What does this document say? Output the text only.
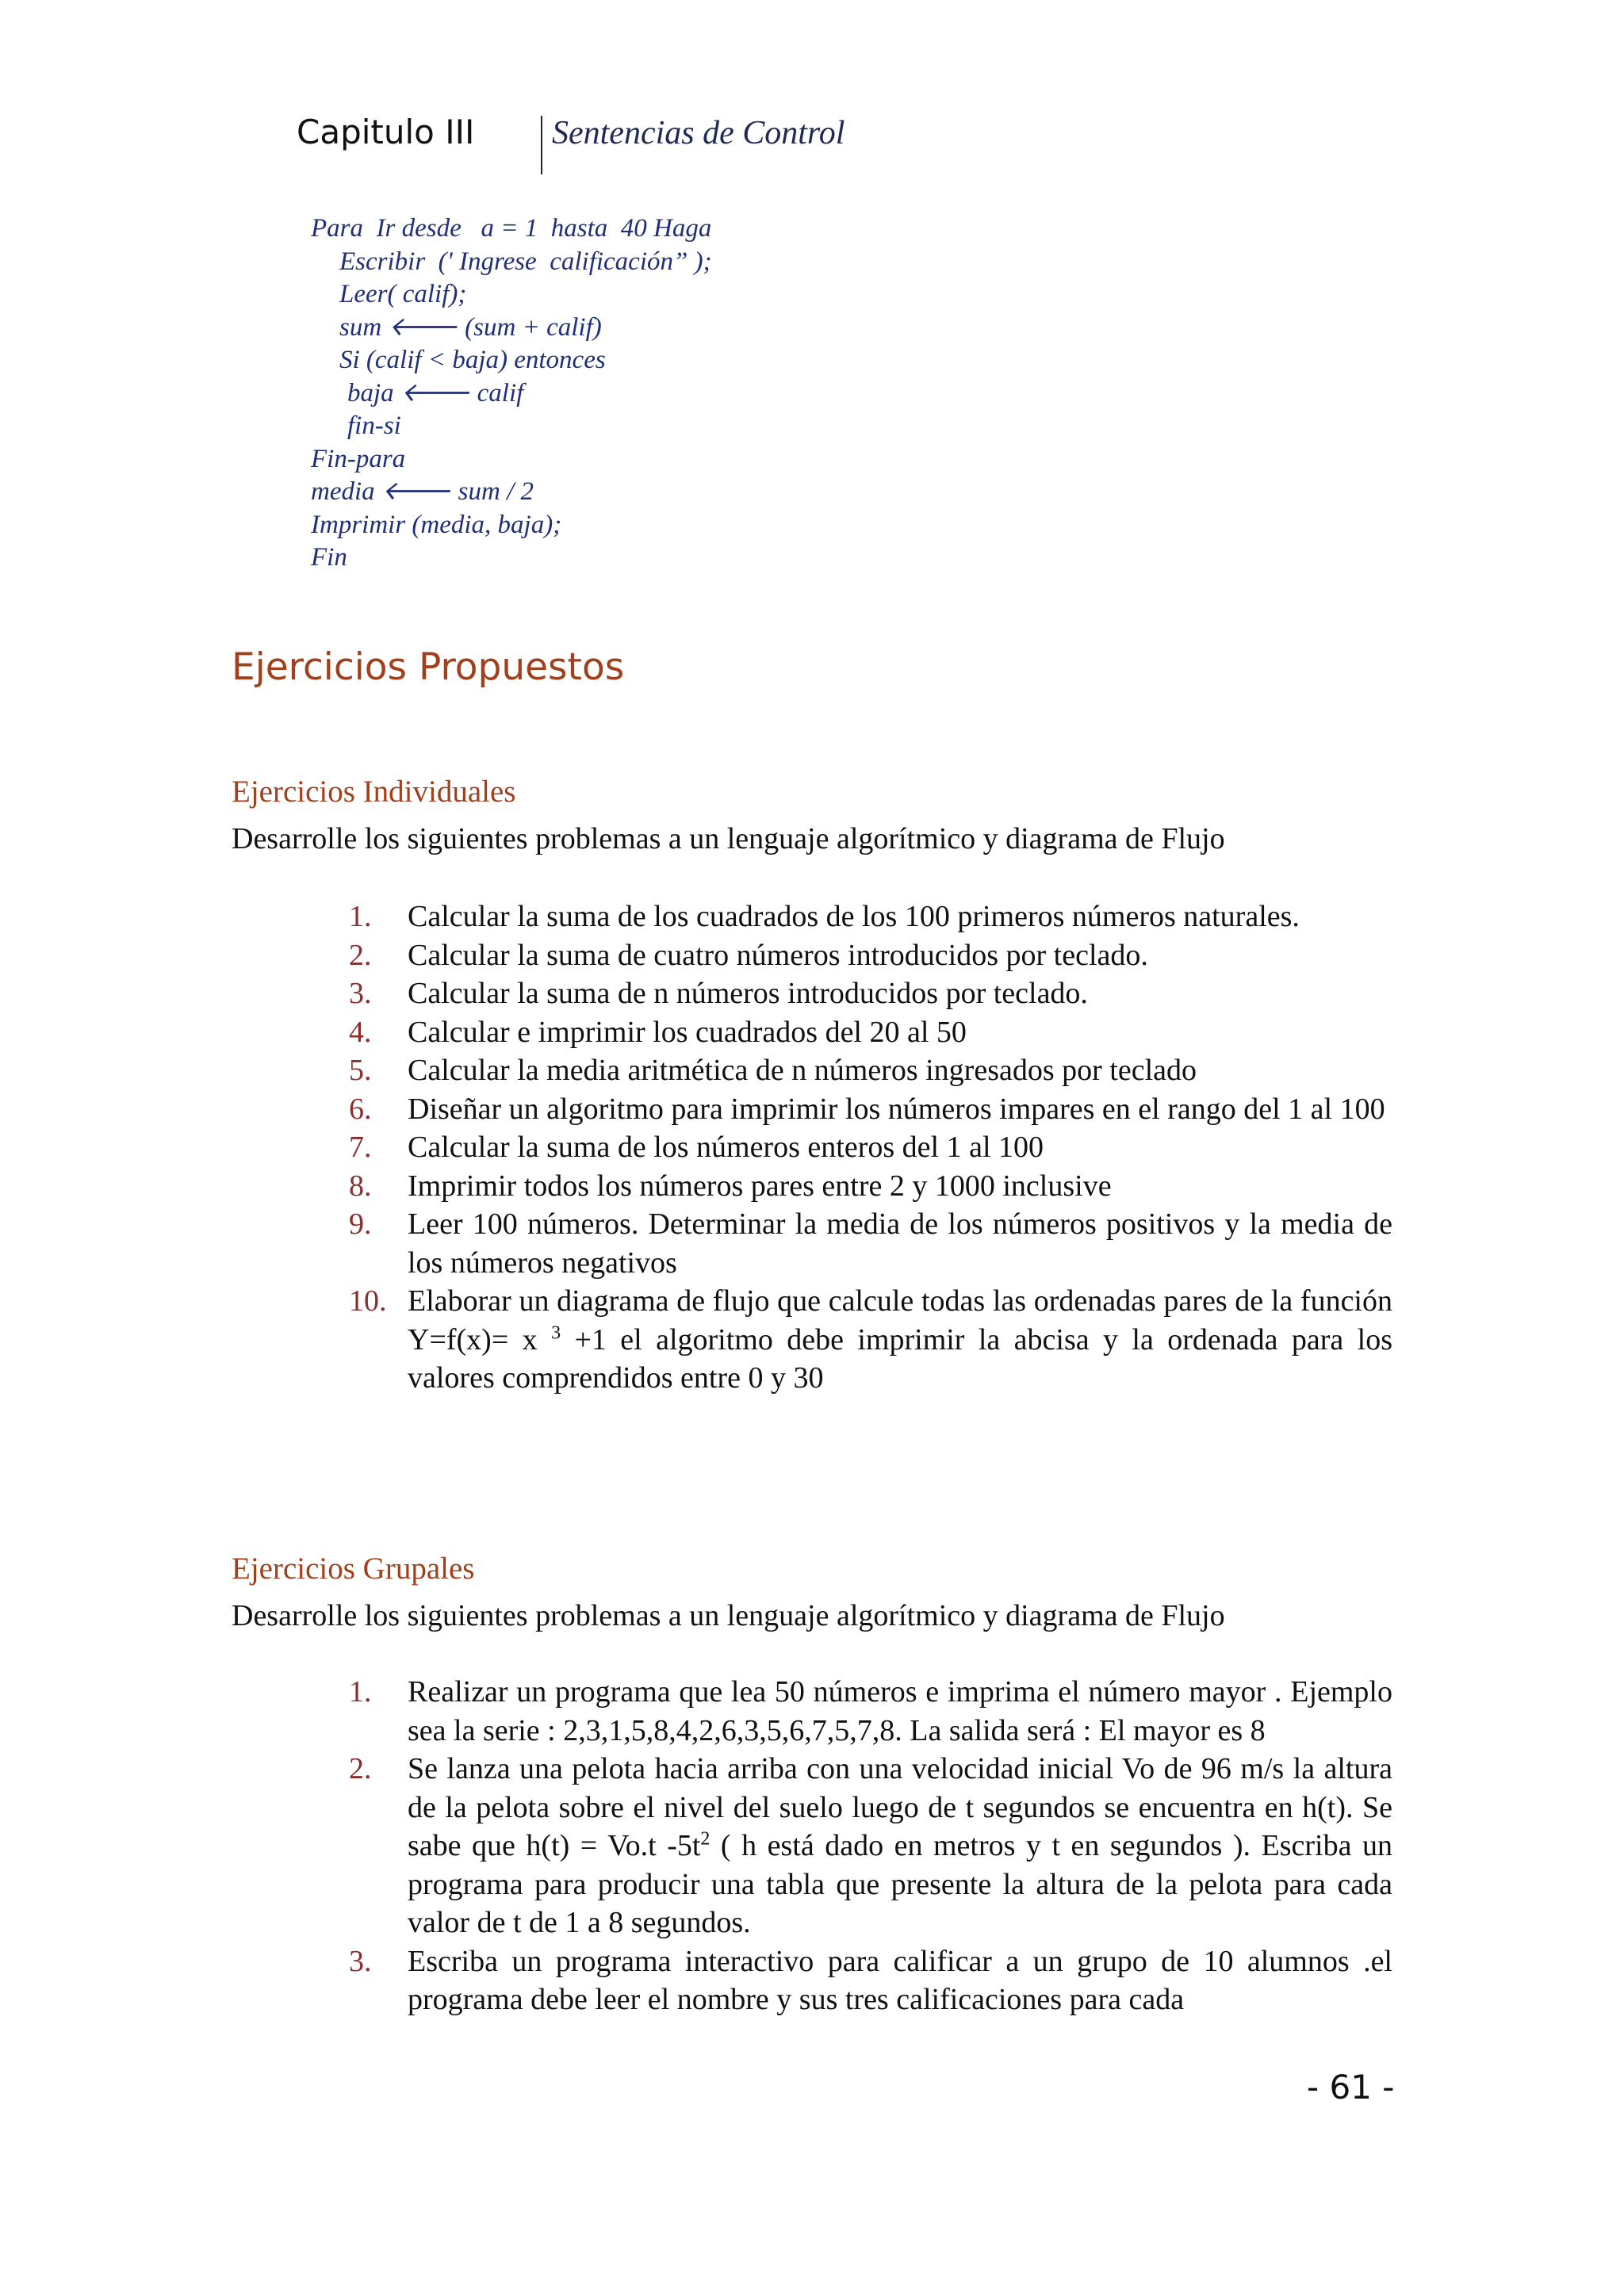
Capitulo III Sentencias de Control
Para  Ir desde   a = 1  hasta  40 Haga
Escribir  (' Ingrese  calificación” );
Leer( calif);
sum 🡐 (sum + calif)
Si (calif < baja) entonces
baja 🡐 calif
fin-si
Fin-para
media 🡐 sum / 2
Imprimir (media, baja);
Fin
Ejercicios Propuestos
Ejercicios Individuales
Desarrolle los siguientes problemas a un lenguaje algorítmico y diagrama de Flujo
1.	Calcular la suma de los cuadrados de los 100 primeros números naturales.
2.	Calcular la suma de cuatro números introducidos por teclado.
3.	Calcular la suma de n números introducidos por teclado.
4.	Calcular e imprimir los cuadrados del 20 al 50
5.	Calcular la media aritmética de n números ingresados por teclado
6.	Diseñar un algoritmo para imprimir los números impares en el rango del 1 al 100
7.	Calcular la suma de los números enteros del 1 al 100
8.	Imprimir todos los números pares entre 2 y 1000 inclusive
9.	Leer 100 números. Determinar la media de los números positivos y la media de los números negativos
10. Elaborar un diagrama de flujo que calcule todas las ordenadas pares de la función Y=f(x)= x $^3$ +1 el algoritmo debe imprimir la abcisa y la ordenada para los valores comprendidos entre 0 y 30
Ejercicios Grupales
Desarrolle los siguientes problemas a un lenguaje algorítmico y diagrama de Flujo
1.	Realizar un programa que lea 50 números e imprima el número mayor . Ejemplo sea la serie : 2,3,1,5,8,4,2,6,3,5,6,7,5,7,8. La salida será : El mayor es 8
2.	Se lanza una pelota hacia arriba con una velocidad inicial Vo de 96 m/s la altura de la pelota sobre el nivel del suelo luego de t segundos se encuentra en h(t). Se sabe que h(t) = Vo.t $-5t^2$ ( h está dado en metros y t en segundos ). Escriba un programa para producir una tabla que presente la altura de la pelota para cada valor de t de 1 a 8 segundos.
3.	Escriba un programa interactivo para calificar a un grupo de 10 alumnos .el programa debe leer el nombre y sus tres calificaciones para cada
- 61 -
